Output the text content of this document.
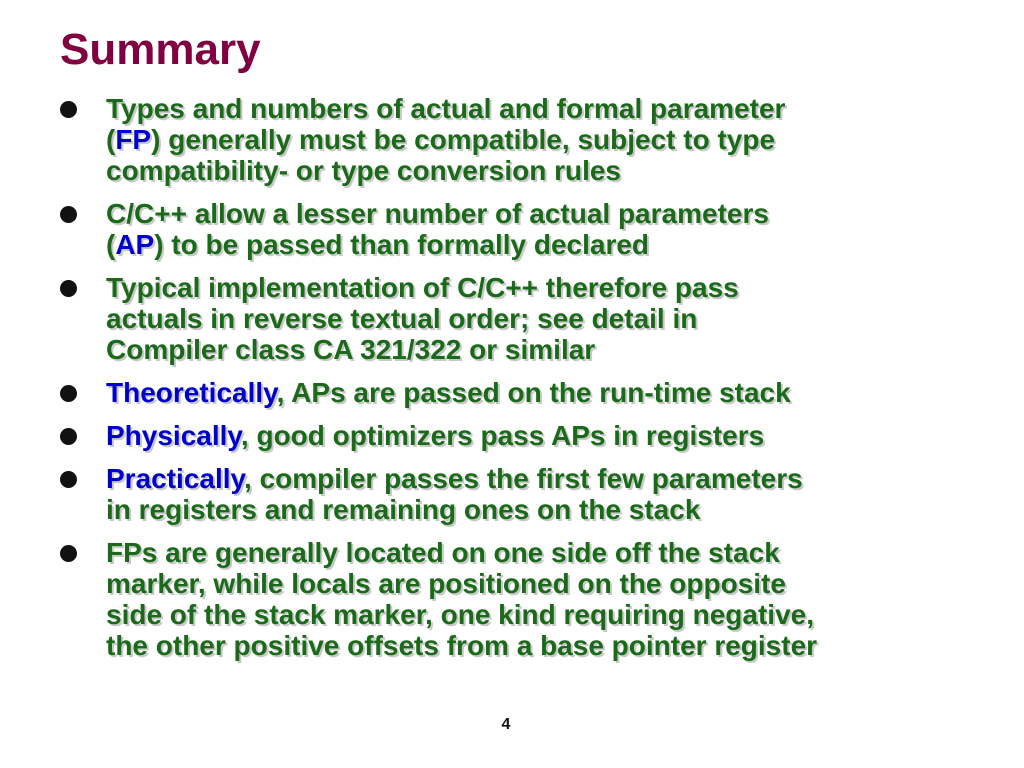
Summary
Types and numbers of actual and formal parameter
(FP) generally must be compatible, subject to type
compatibility- or type conversion rules
C/C++ allow a lesser number of actual parameters
(AP) to be passed than formally declared
Typical implementation of C/C++ therefore pass
actuals in reverse textual order; see detail in
Compiler class CA 321/322 or similar
Theoretically, APs are passed on the run-time stack
Physically, good optimizers pass APs in registers
Practically, compiler passes the first few parameters
in registers and remaining ones on the stack
FPs are generally located on one side off the stack
marker, while locals are positioned on the opposite
side of the stack marker, one kind requiring negative,
the other positive offsets from a base pointer register
4
